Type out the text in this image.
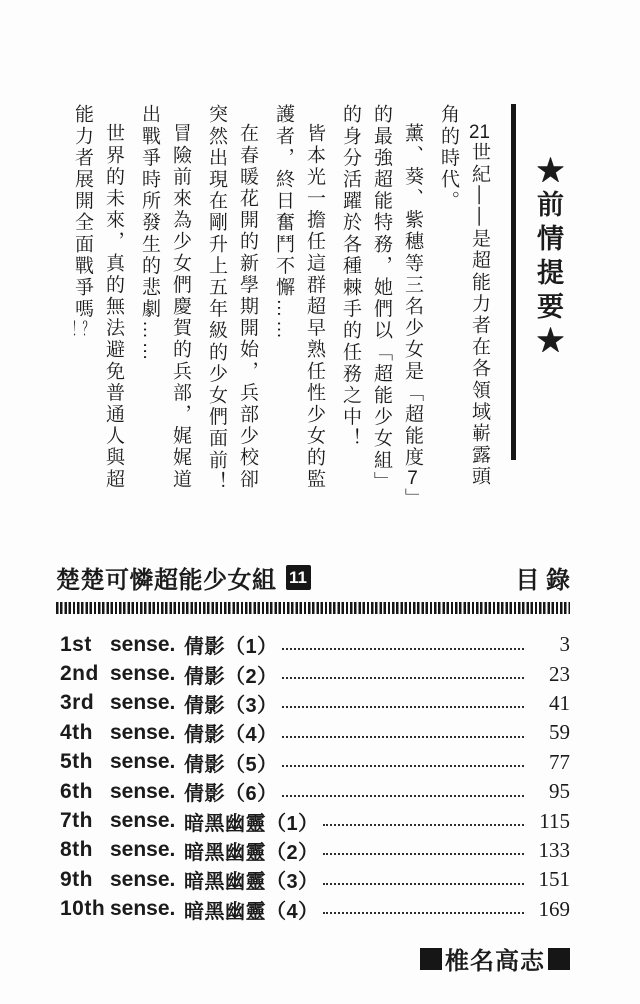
★前情提要★

21世紀——是超能力者在各領域嶄露頭角的時代。

薰、葵、紫穗等三名少女是「超能度7」的最強超能特務，她們以「超能少女組」的身分活躍於各種棘手的任務之中！

皆本光一擔任這群超早熟任性少女的監護者，終日奮鬥不懈……

在春暖花開的新學期開始，兵部少校卻突然出現在剛升上五年級的少女們面前！

冒險前來為少女們慶賀的兵部，娓娓道出戰爭時所發生的悲劇……

世界的未來，真的無法避免普通人與超能力者展開全面戰爭嗎！？

楚楚可憐超能少女組 11	目 錄
1st sense. 倩影（1）	3
2nd sense. 倩影（2）	23
3rd sense. 倩影（3）	41
4th sense. 倩影（4）	59
5th sense. 倩影（5）	77
6th sense. 倩影（6）	95
7th sense. 暗黑幽靈（1）	115
8th sense. 暗黑幽靈（2）	133
9th sense. 暗黑幽靈（3）	151
10th sense. 暗黑幽靈（4）	169
椎名高志
